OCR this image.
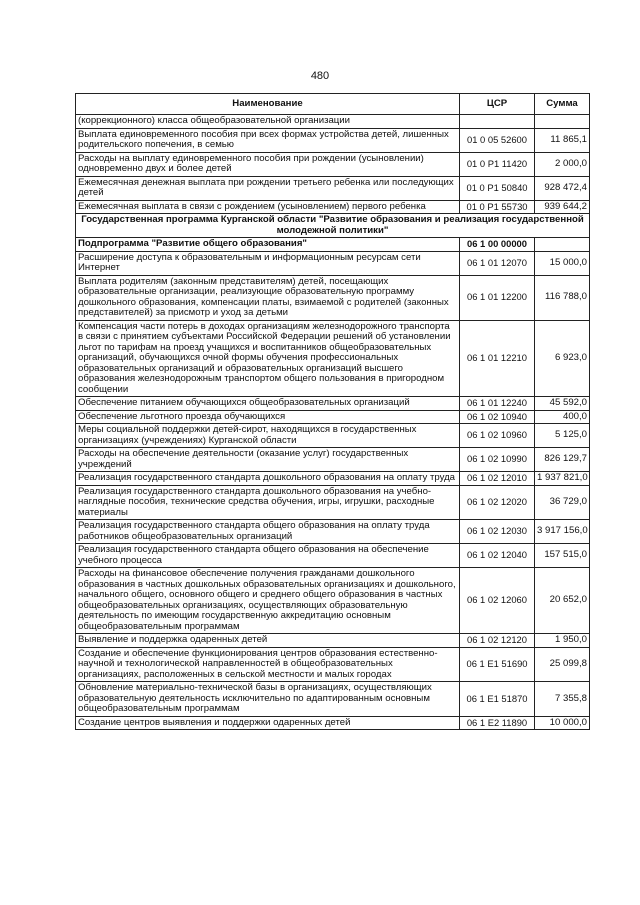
480
Наименование	ЦСР	Сумма
(коррекционного) класса общеобразовательной организации		
Выплата единовременного пособия при всех формах устройства детей, лишенных родительского попечения, в семью	01 0 05 52600	11 865,1
Расходы на выплату единовременного пособия при рождении (усыновлении) одновременно двух и более детей	01 0 P1 11420	2 000,0
Ежемесячная денежная выплата при рождении третьего ребенка или последующих детей	01 0 P1 50840	928 472,4
Ежемесячная выплата в связи с рождением (усыновлением) первого ребенка	01 0 P1 55730	939 644,2
Государственная программа Курганской области "Развитие образования и реализация государственной молодежной политики"		
Подпрограмма "Развитие общего образования"	06 1 00 00000	
Расширение доступа к образовательным и информационным ресурсам сети Интернет	06 1 01 12070	15 000,0
Выплата родителям (законным представителям) детей, посещающих образовательные организации, реализующие образовательную программу дошкольного образования, компенсации платы, взимаемой с родителей (законных представителей) за присмотр и уход за детьми	06 1 01 12200	116 788,0
Компенсация части потерь в доходах организациям железнодорожного транспорта в связи с принятием субъектами Российской Федерации решений об установлении льгот по тарифам на проезд учащихся и воспитанников общеобразовательных организаций, обучающихся очной формы обучения профессиональных образовательных организаций и образовательных организаций высшего образования железнодорожным транспортом общего пользования в пригородном сообщении	06 1 01 12210	6 923,0
Обеспечение питанием обучающихся общеобразовательных организаций	06 1 01 12240	45 592,0
Обеспечение льготного проезда обучающихся	06 1 02 10940	400,0
Меры социальной поддержки детей-сирот, находящихся в государственных организациях (учреждениях) Курганской области	06 1 02 10960	5 125,0
Расходы на обеспечение деятельности (оказание услуг) государственных учреждений	06 1 02 10990	826 129,7
Реализация государственного стандарта дошкольного образования на оплату труда	06 1 02 12010	1 937 821,0
Реализация государственного стандарта дошкольного образования на учебно-наглядные пособия, технические средства обучения, игры, игрушки, расходные материалы	06 1 02 12020	36 729,0
Реализация государственного стандарта общего образования на оплату труда работников общеобразовательных организаций	06 1 02 12030	3 917 156,0
Реализация государственного стандарта общего образования на обеспечение учебного процесса	06 1 02 12040	157 515,0
Расходы на финансовое обеспечение получения гражданами дошкольного образования в частных дошкольных образовательных организациях и дошкольного, начального общего, основного общего и среднего общего образования в частных общеобразовательных организациях, осуществляющих образовательную деятельность по имеющим государственную аккредитацию основным общеобразовательным программам	06 1 02 12060	20 652,0
Выявление и поддержка одаренных детей	06 1 02 12120	1 950,0
Создание и обеспечение функционирования центров образования естественно-научной и технологической направленностей в общеобразовательных организациях, расположенных в сельской местности и малых городах	06 1 E1 51690	25 099,8
Обновление материально-технической базы в организациях, осуществляющих образовательную деятельность исключительно по адаптированным основным общеобразовательным программам	06 1 E1 51870	7 355,8
Создание центров выявления и поддержки одаренных детей	06 1 E2 11890	10 000,0
